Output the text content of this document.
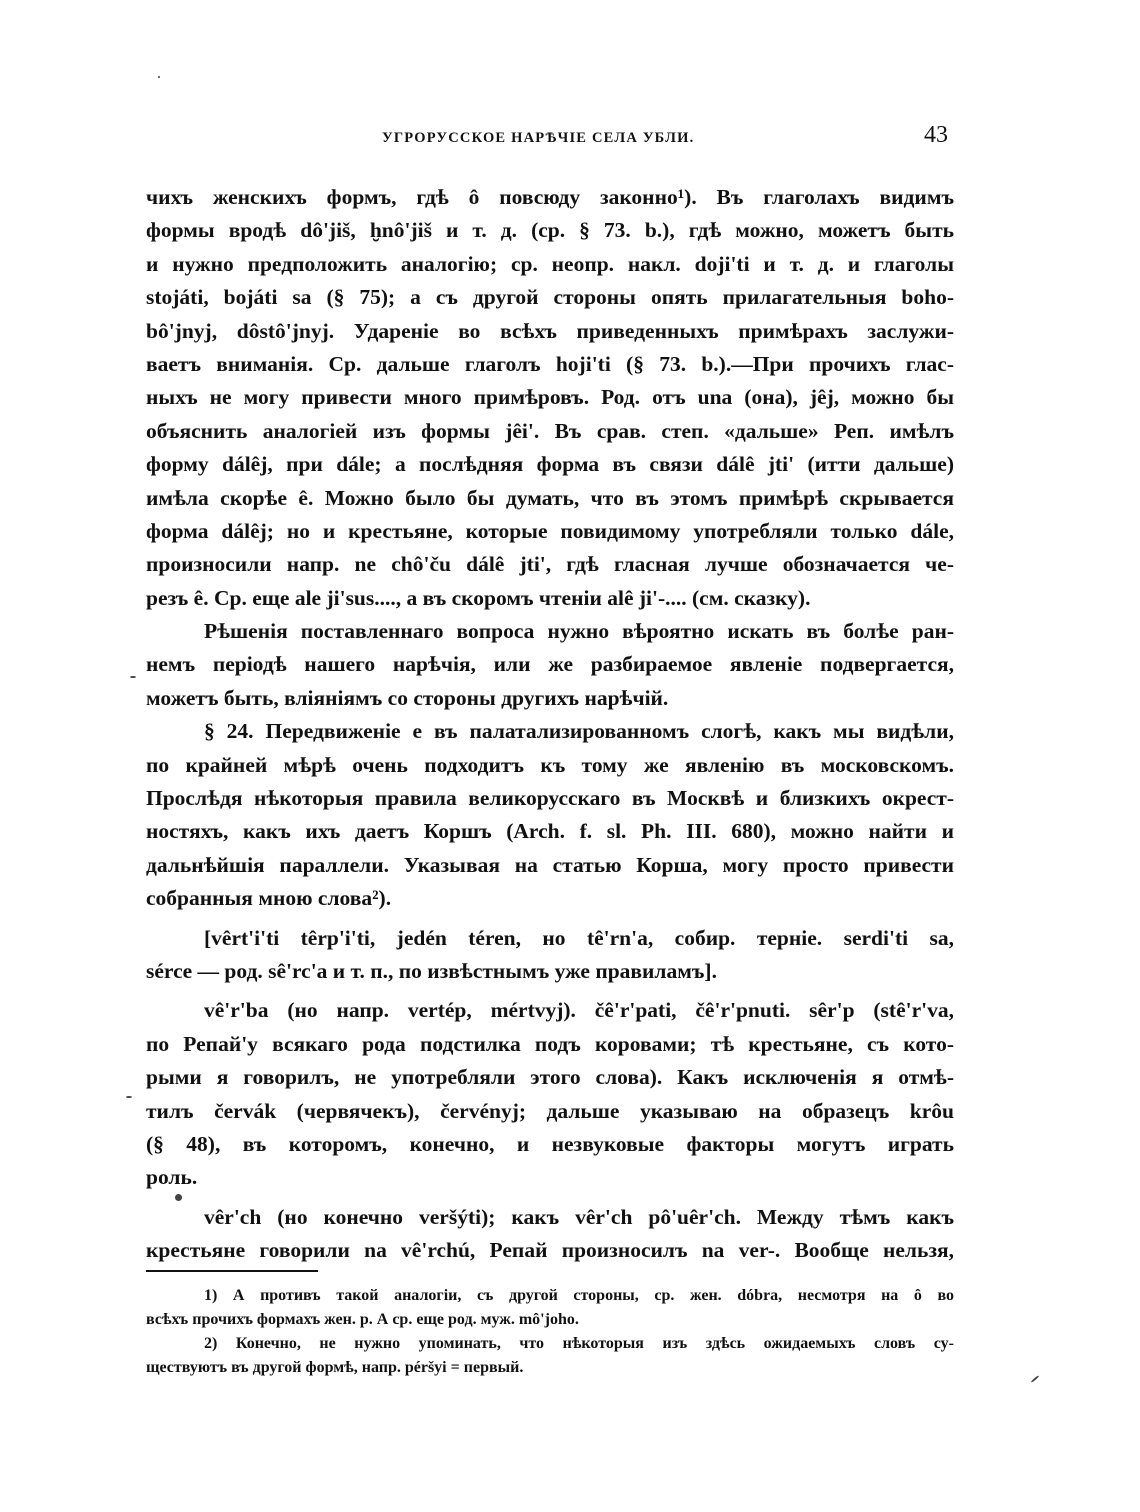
УГРОРУССКОЕ НАРѢЧІЕ СЕЛА УБЛИ.	43
чихъ женскихъ формъ, гдѣ ô повсюду законно¹). Въ глаголахъ видимъ
формы вродѣ dô'jiš, ḫnô'jiš и т. д. (ср. § 73. b.), гдѣ можно, можетъ быть
и нужно предположить аналогію; ср. неопр. накл. doji'ti и т. д. и глаголы
stojáti, bojáti sa (§ 75); а съ другой стороны опять прилагательныя boho-
bô'jnyj, dôstô'jnyj. Удареніе во всѣхъ приведенныхъ примѣрахъ заслужи-
ваетъ вниманія. Ср. дальше глаголъ hoji'ti (§ 73. b.).—При прочихъ глас-
ныхъ не могу привести много примѣровъ. Род. отъ una (она), jêj, можно бы
объяснить аналогіей изъ формы jêi'. Въ срав. степ. «дальше» Реп. имѣлъ
форму dálêj, при dále; а послѣдняя форма въ связи dálê jti' (итти дальше)
имѣла скорѣе ê. Можно было бы думать, что въ этомъ примѣрѣ скрывается
форма dálêj; но и крестьяне, которые повидимому употребляли только dále,
произносили напр. ne chô'ču dálê jti', гдѣ гласная лучше обозначается че-
резъ ê. Ср. еще ale ji'sus...., а въ скоромъ чтеніи alê ji'-.... (см. сказку).
Рѣшенія поставленнаго вопроса нужно вѣроятно искать въ болѣе ран-
немъ періодѣ нашего нарѣчія, или же разбираемое явленіе подвергается,
можетъ быть, вліяніямъ со стороны другихъ нарѣчій.
§ 24. Передвиженіе е въ палатализированномъ слогѣ, какъ мы видѣли,
по крайней мѣрѣ очень подходитъ къ тому же явленію въ московскомъ.
Прослѣдя нѣкоторыя правила великорусскаго въ Москвѣ и близкихъ окрест-
ностяхъ, какъ ихъ даетъ Коршъ (Arch. f. sl. Ph. III. 680), можно найти и
дальнѣйшія параллели. Указывая на статью Корша, могу просто привести
собранныя мною слова²).
[vêrt'i'ti têrp'i'ti, jedén téren, но tê'rn'a, собир. терніе. serdi'ti sa,
sérce — род. sê'rc'a и т. п., по извѣстнымъ уже правиламъ].
vê'r'ba (но напр. vertép, mértvyj). čê'r'pati, čê'r'pnuti. sêr'p (stê'r'va,
по Репай'у всякаго рода подстилка подъ коровами; тѣ крестьяне, съ кото-
рыми я говорилъ, не употребляли этого слова). Какъ исключенія я отмѣ-
тилъ červák (червячекъ), červényj; дальше указываю на образецъ krôu
(§ 48), въ которомъ, конечно, и незвуковые факторы могутъ играть
роль.
vêr'ch (но конечно veršýti); какъ vêr'ch pô'uêr'ch. Между тѣмъ какъ
крестьяне говорили na vê'rchú, Репай произносилъ na ver-. Вообще нельзя,
1) А противъ такой аналогіи, съ другой стороны, ср. жен. dóbra, несмотря на ô во
всѣхъ прочихъ формахъ жен. р. А ср. еще род. муж. mô'joho.
2) Конечно, не нужно упоминать, что нѣкоторыя изъ здѣсь ожидаемыхъ словъ су-
ществуютъ въ другой формѣ, напр. péršyi = первый.
